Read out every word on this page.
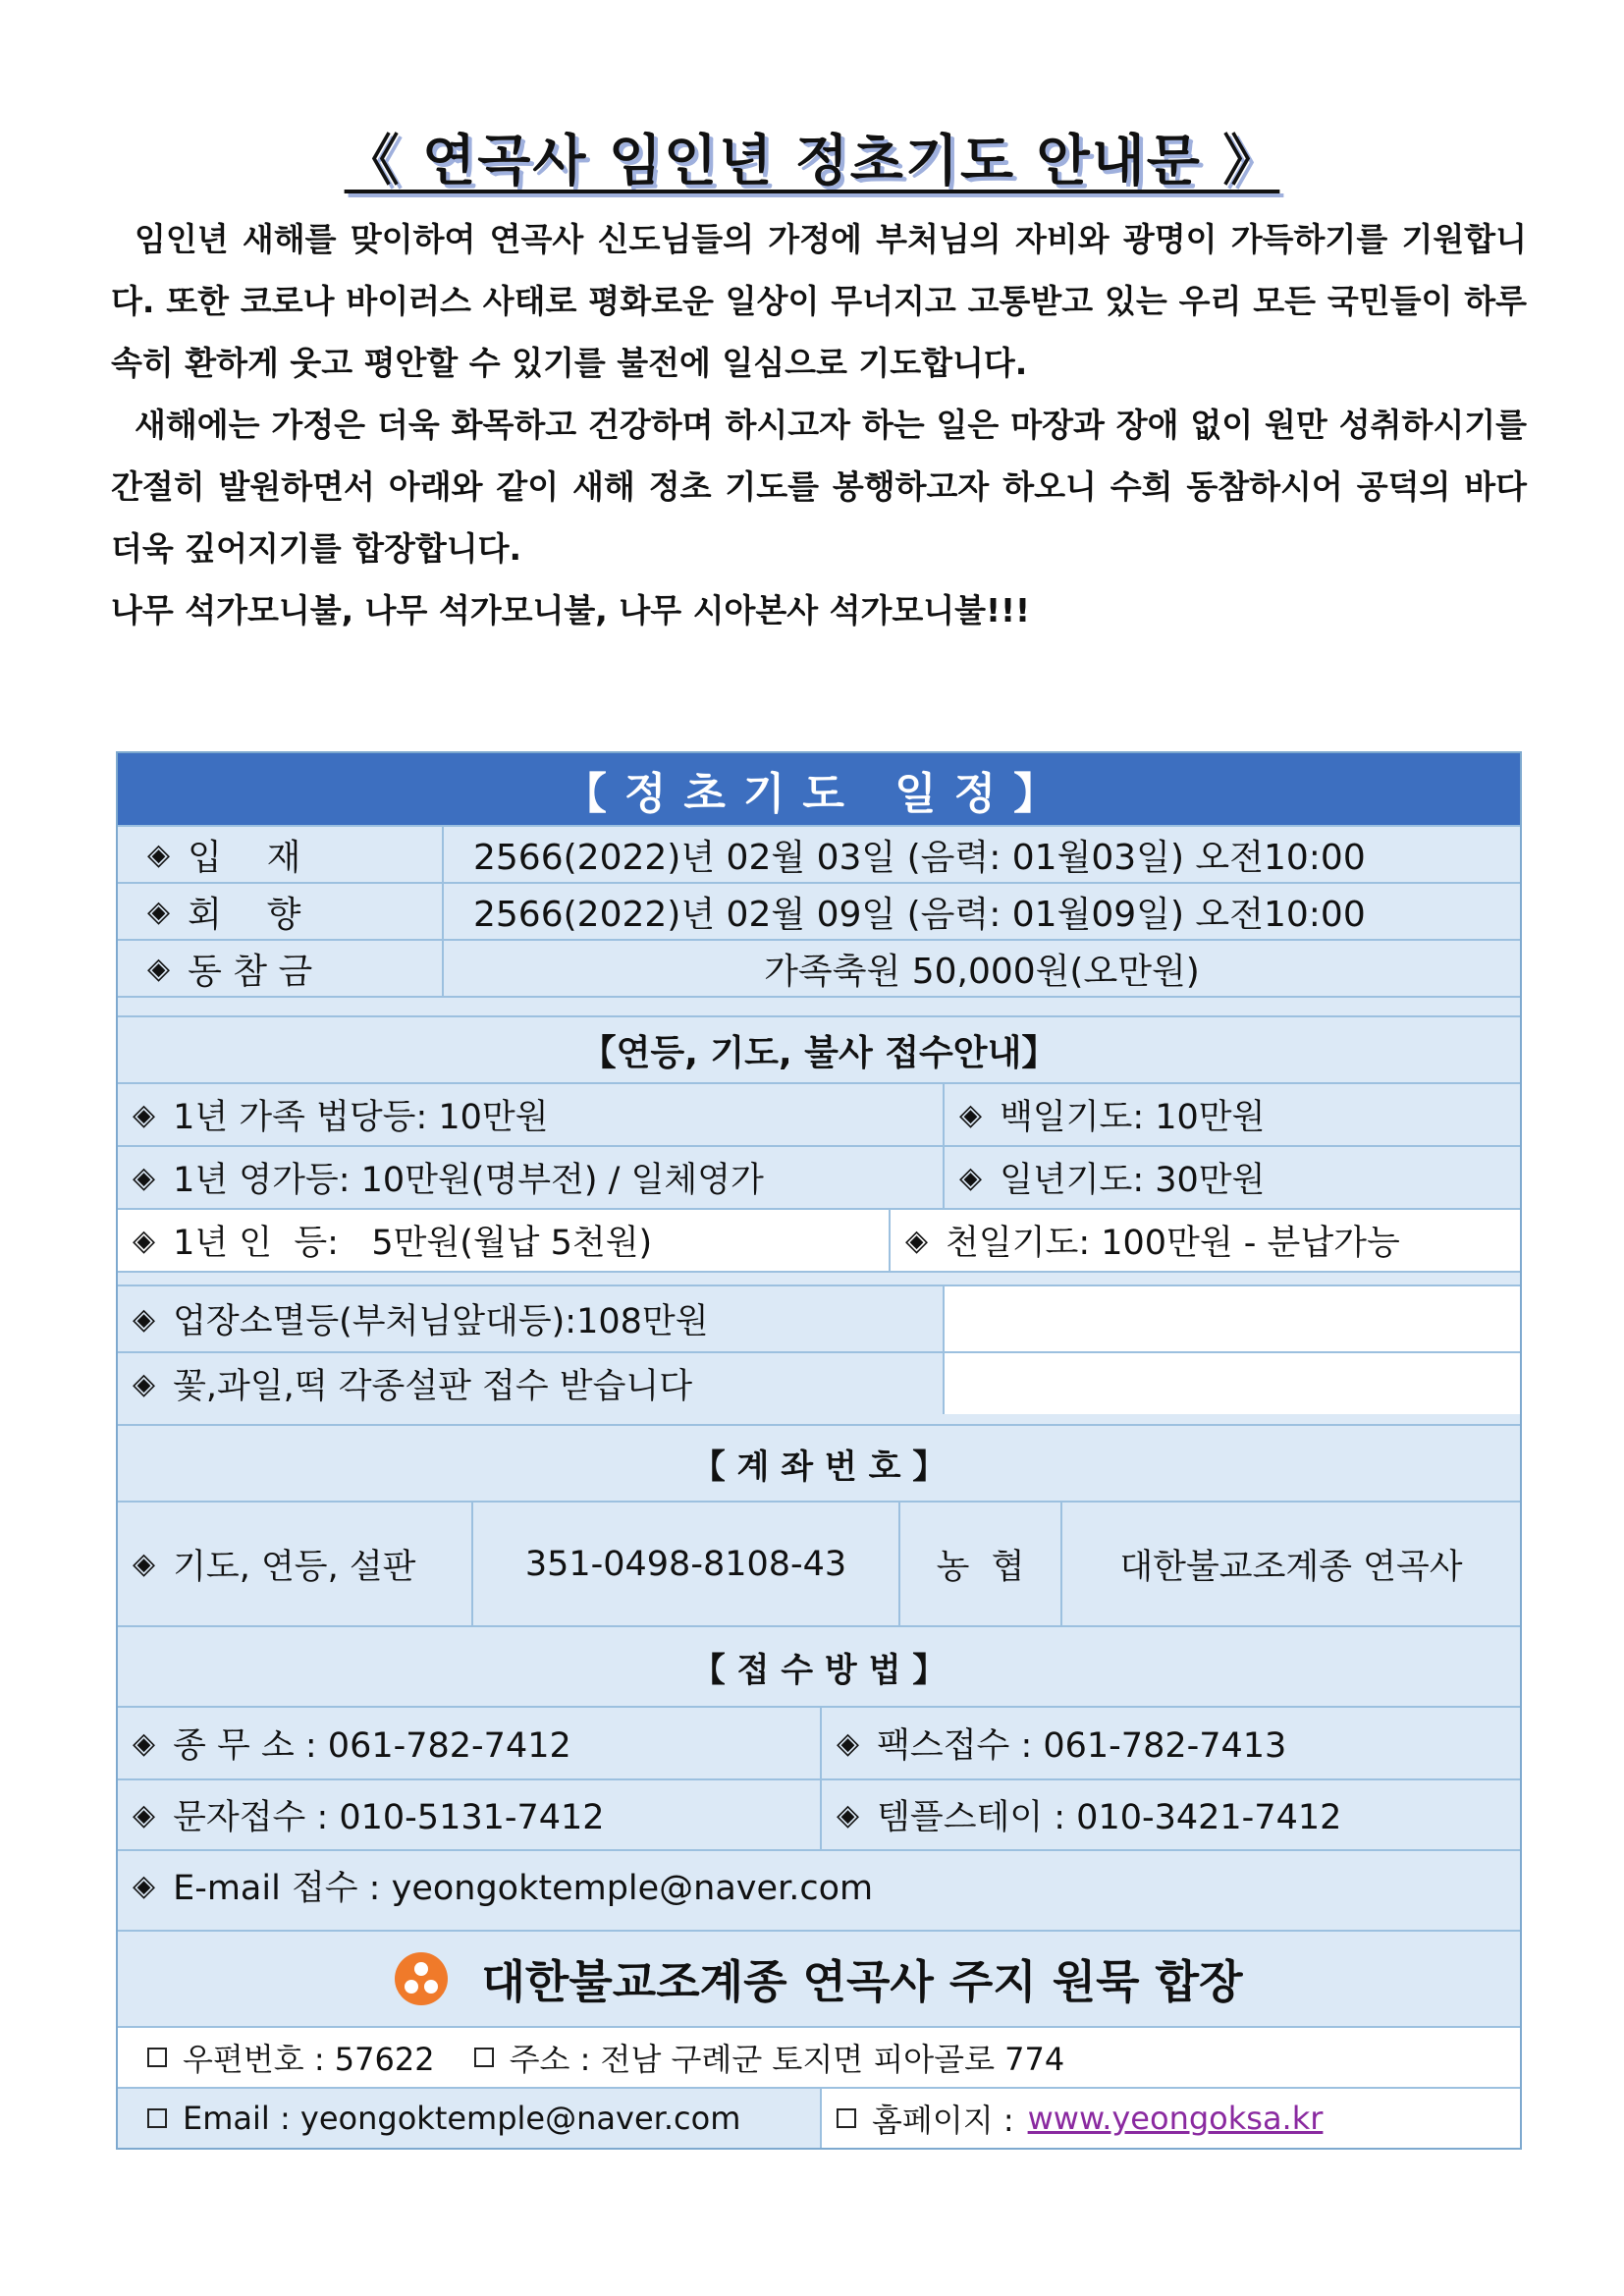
《 연곡사 임인년 정초기도 안내문 》

임인년 새해를 맞이하여 연곡사 신도님들의 가정에 부처님의 자비와 광명이 가득하기를 기원합니다. 또한 코로나 바이러스 사태로 평화로운 일상이 무너지고 고통받고 있는 우리 모든 국민들이 하루속히 환하게 웃고 평안할 수 있기를 불전에 일심으로 기도합니다.

새해에는 가정은 더욱 화목하고 건강하며 하시고자 하는 일은 마장과 장애 없이 원만 성취하시기를 간절히 발원하면서 아래와 같이 새해 정초 기도를 봉행하고자 하오니 수희 동참하시어 공덕의 바다 더욱 깊어지기를 합장합니다.

나무 석가모니불, 나무 석가모니불, 나무 시아본사 석가모니불!!!

【정초기도 일정】
◈ 입    재	2566(2022)년 02월 03일 (음력: 01월03일) 오전10:00
◈ 회    향	2566(2022)년 02월 09일 (음력: 01월09일) 오전10:00
◈ 동 참 금	가족축원 50,000원(오만원)
【연등, 기도, 불사 접수안내】
◈ 1년 가족 법당등: 10만원	◈ 백일기도: 10만원
◈ 1년 영가등: 10만원(명부전) / 일체영가	◈ 일년기도: 30만원
◈ 1년 인  등:   5만원(월납 5천원)	◈ 천일기도: 100만원 - 분납가능
◈ 업장소멸등(부처님앞대등):108만원
◈ 꽃,과일,떡 각종설판 접수 받습니다
【 계 좌 번 호 】
◈ 기도, 연등, 설판	351-0498-8108-43	농  협	대한불교조계종 연곡사
【 접 수 방 법 】
◈ 종 무 소 : 061-782-7412	◈ 팩스접수 : 061-782-7413
◈ 문자접수 : 010-5131-7412	◈ 템플스테이 : 010-3421-7412
◈ E-mail 접수 : yeongoktemple@naver.com
대한불교조계종 연곡사 주지 원묵 합장
우편번호 : 57622 주소 : 전남 구례군 토지면 피아골로 774
Email : yeongoktemple@naver.com	홈페이지 : www.yeongoksa.kr
